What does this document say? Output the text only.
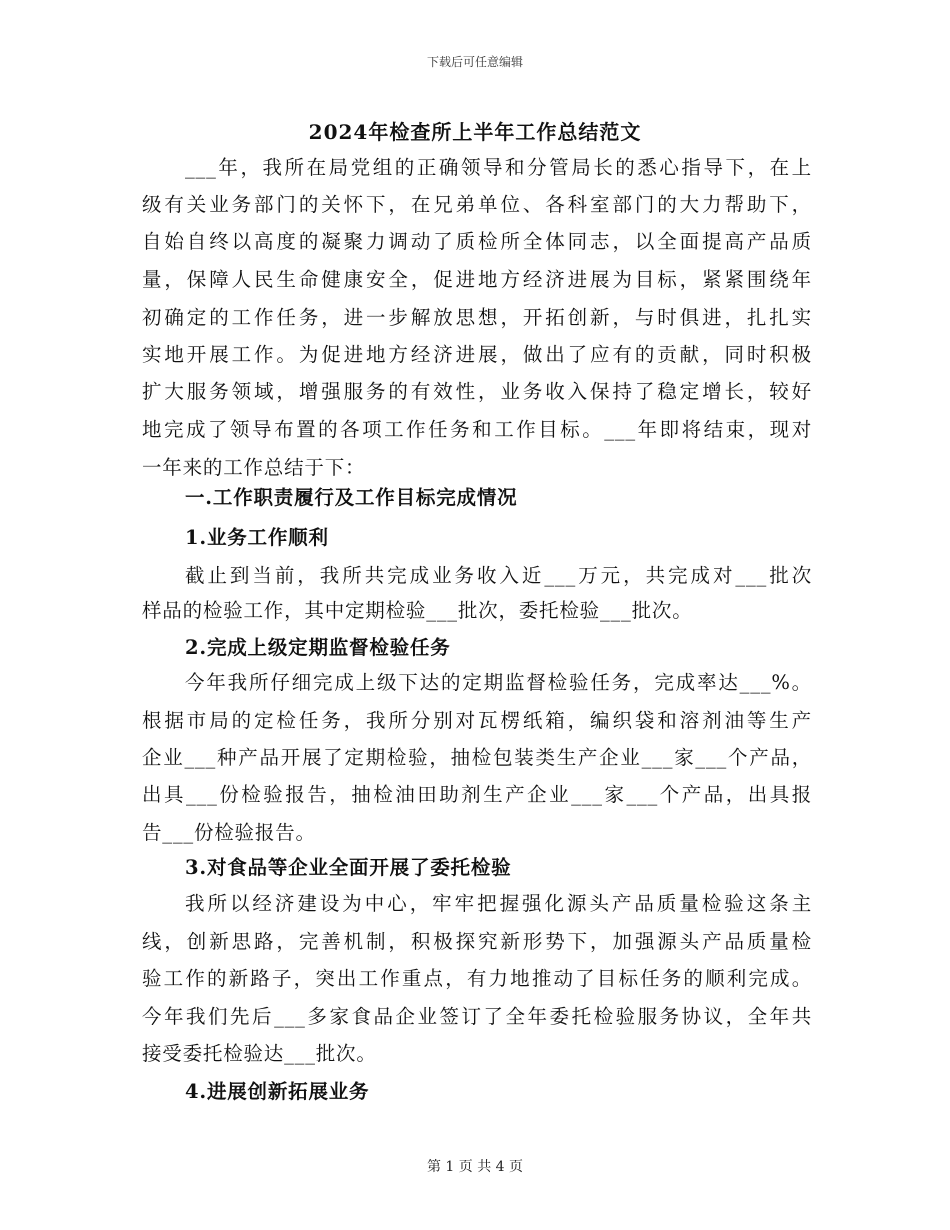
下载后可任意编辑
2024年检查所上半年工作总结范文
___年，我所在局党组的正确领导和分管局长的悉心指导下，在上
级有关业务部门的关怀下，在兄弟单位、各科室部门的大力帮助下，
自始自终以高度的凝聚力调动了质检所全体同志，以全面提高产品质
量，保障人民生命健康安全，促进地方经济进展为目标，紧紧围绕年
初确定的工作任务，进一步解放思想，开拓创新，与时俱进，扎扎实
实地开展工作。为促进地方经济进展，做出了应有的贡献，同时积极
扩大服务领域，增强服务的有效性，业务收入保持了稳定增长，较好
地完成了领导布置的各项工作任务和工作目标。___年即将结束，现对
一年来的工作总结于下：
一.工作职责履行及工作目标完成情况
1.业务工作顺利
截止到当前，我所共完成业务收入近___万元，共完成对___批次
样品的检验工作，其中定期检验___批次，委托检验___批次。
2.完成上级定期监督检验任务
今年我所仔细完成上级下达的定期监督检验任务，完成率达___%。
根据市局的定检任务，我所分别对瓦楞纸箱，编织袋和溶剂油等生产
企业___种产品开展了定期检验，抽检包装类生产企业___家___个产品，
出具___份检验报告，抽检油田助剂生产企业___家___个产品，出具报
告___份检验报告。
3.对食品等企业全面开展了委托检验
我所以经济建设为中心，牢牢把握强化源头产品质量检验这条主
线，创新思路，完善机制，积极探究新形势下，加强源头产品质量检
验工作的新路子，突出工作重点，有力地推动了目标任务的顺利完成。
今年我们先后___多家食品企业签订了全年委托检验服务协议，全年共
接受委托检验达___批次。
4.进展创新拓展业务
第 1 页 共 4 页
